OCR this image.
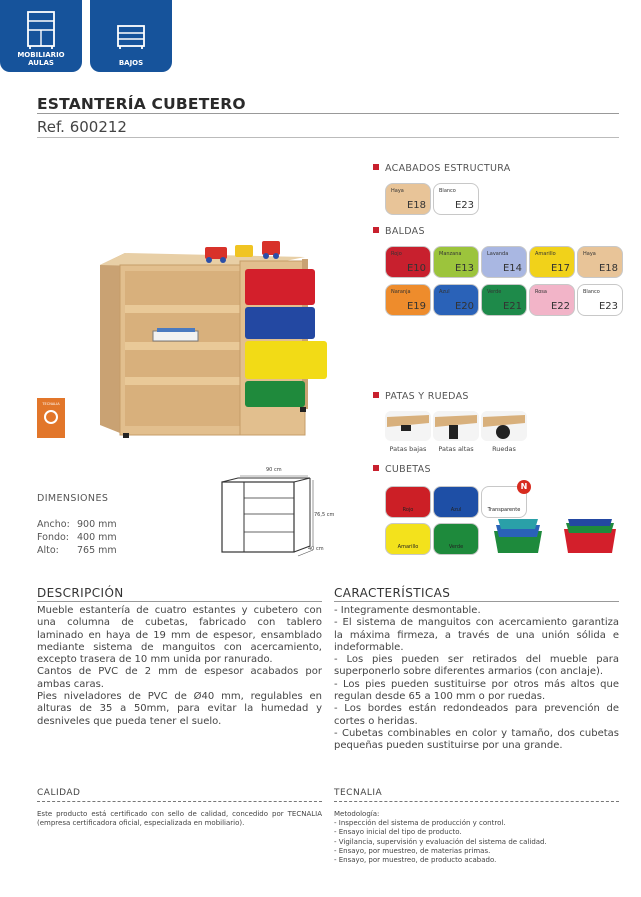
MOBILIARIO
AULAS	BAJOS
ESTANTERÍA CUBETERO
Ref. 600212
TECNALIA
ACABADOS ESTRUCTURA
Haya
E18
Blanco
E23
BALDAS
Rojo
E10
Manzana
E13
Lavanda
E14
Amarillo
E17
Haya
E18
Naranja
E19
Azul
E20
Verde
E21
Rosa
E22
Blanco
E23
PATAS Y RUEDAS
Patas bajas	Patas altas	Ruedas
CUBETAS
Rojo	Azul	Transparente
N
Amarillo	Verde
90 cm
76,5 cm
40 cm
DIMENSIONES
Ancho: 900 mm
Fondo: 400 mm
Alto: 765 mm
DESCRIPCIÓN

Mueble estantería de cuatro estantes y cubetero con una columna de cubetas, fabricado con tablero laminado en haya de 19 mm de espesor, ensamblado mediante sistema de manguitos con acercamiento, excepto trasera de 10 mm unida por ranurado.

Cantos de PVC de 2 mm de espesor acabados por ambas caras.

Pies niveladores de PVC de Ø40 mm, regulables en alturas de 35 a 50mm, para evitar la humedad y desniveles que pueda tener el suelo.

CARACTERÍSTICAS

- Integramente desmontable.

- El sistema de manguitos con acercamiento garantiza la máxima firmeza, a través de una unión sólida e indeformable.

- Los pies pueden ser retirados del mueble para superponerlo sobre diferentes armarios (con anclaje).

- Los pies pueden sustituirse por otros más altos que regulan desde 65 a 100 mm o por ruedas.

- Los bordes están redondeados para prevención de cortes o heridas.

- Cubetas combinables en color y tamaño, dos cubetas pequeñas pueden sustituirse por una grande.

CALIDAD
Este producto está certificado con sello de calidad, concedido por TECNALIA (empresa certificadora oficial, especializada en mobiliario).
TECNALIA
Metodología:
- Inspección del sistema de producción y control.
- Ensayo inicial del tipo de producto.
- Vigilancia, supervisión y evaluación del sistema de calidad.
- Ensayo, por muestreo, de materias primas.
- Ensayo, por muestreo, de producto acabado.
